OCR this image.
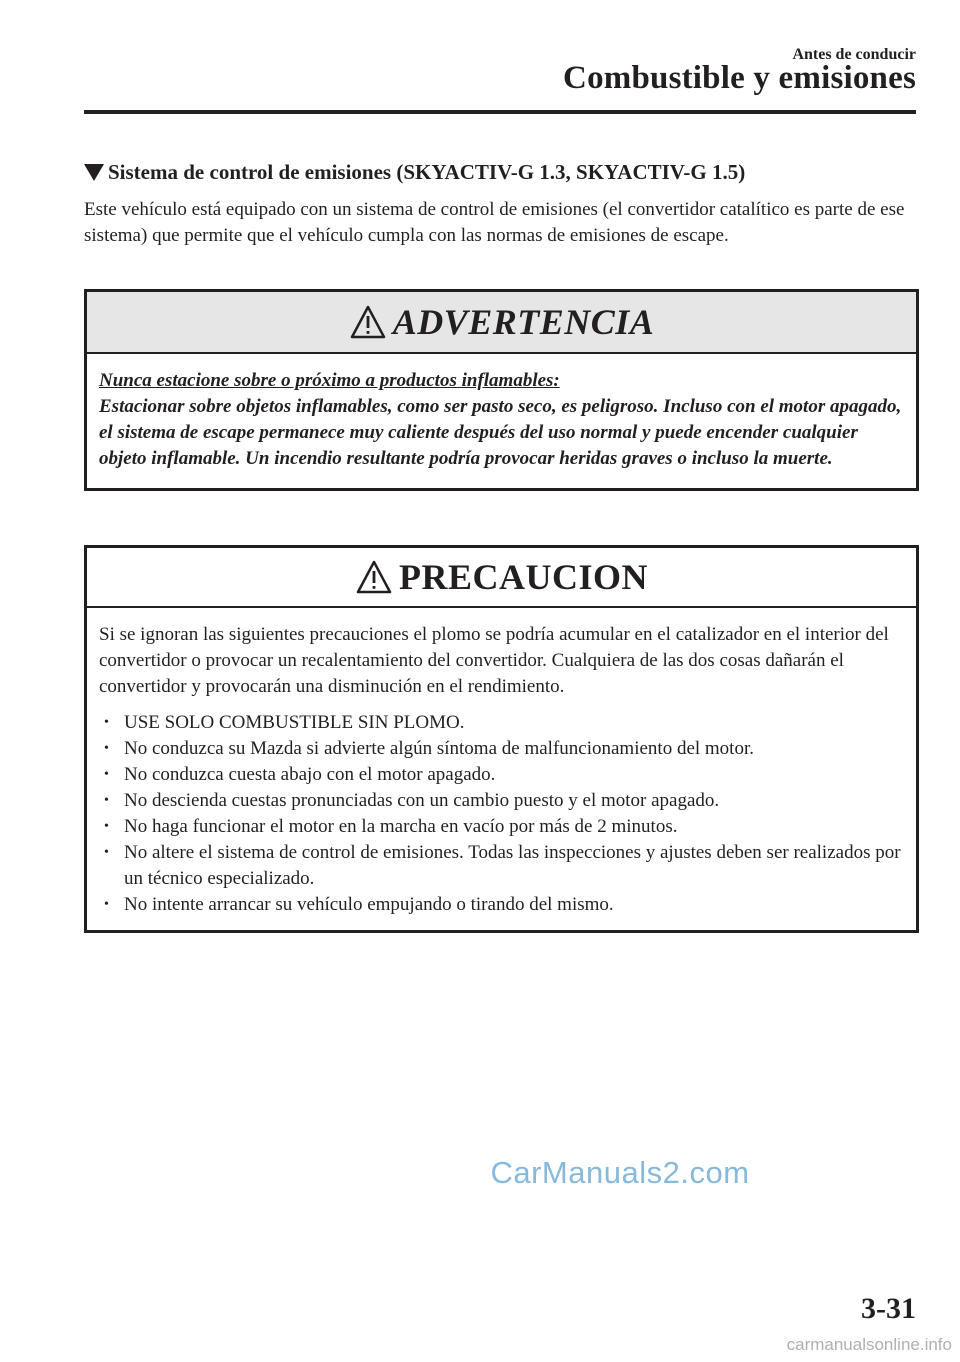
Antes de conducir
Combustible y emisiones
Sistema de control de emisiones (SKYACTIV-G 1.3, SKYACTIV-G 1.5)

Este vehículo está equipado con un sistema de control de emisiones (el convertidor catalítico es parte de ese sistema) que permite que el vehículo cumpla con las normas de emisiones de escape.

ADVERTENCIA
Nunca estacione sobre o próximo a productos inflamables:
Estacionar sobre objetos inflamables, como ser pasto seco, es peligroso. Incluso con el motor apagado, el sistema de escape permanece muy caliente después del uso normal y puede encender cualquier objeto inflamable. Un incendio resultante podría provocar heridas graves o incluso la muerte.
PRECAUCION

Si se ignoran las siguientes precauciones el plomo se podría acumular en el catalizador en el interior del convertidor o provocar un recalentamiento del convertidor. Cualquiera de las dos cosas dañarán el convertidor y provocarán una disminución en el rendimiento.

• USE SOLO COMBUSTIBLE SIN PLOMO.
• No conduzca su Mazda si advierte algún síntoma de malfuncionamiento del motor.
• No conduzca cuesta abajo con el motor apagado.
• No descienda cuestas pronunciadas con un cambio puesto y el motor apagado.
• No haga funcionar el motor en la marcha en vacío por más de 2 minutos.
• No altere el sistema de control de emisiones. Todas las inspecciones y ajustes deben ser realizados por un técnico especializado.
• No intente arrancar su vehículo empujando o tirando del mismo.
CarManuals2.com
3-31
carmanualsonline.info
